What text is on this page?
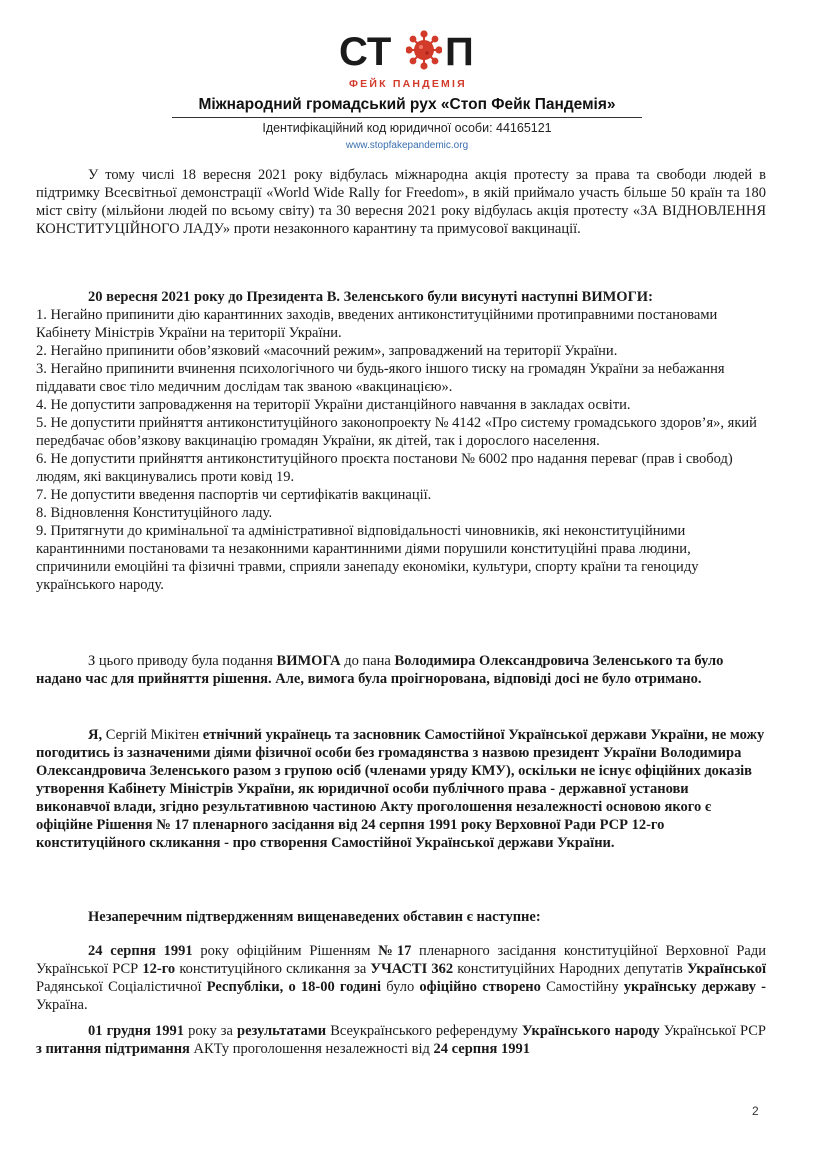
СТ П
ФЕЙК ПАНДЕМІЯ
Міжнародний громадський рух «Стоп Фейк Пандемія»
Ідентифікаційний код юридичної особи: 44165121
www.stopfakepandemic.org

У тому числі 18 вересня 2021 року відбулась міжнародна акція протесту за права та свободи людей в підтримку Всесвітньої демонстрації «World Wide Rally for Freedom», в якій приймало участь більше 50 країн та 180 міст світу (мільйони людей по всьому світу) та 30 вересня 2021 року відбулась акція протесту «ЗА ВІДНОВЛЕННЯ КОНСТИТУЦІЙНОГО ЛАДУ» проти незаконного карантину та примусової вакцинації.

20 вересня 2021 року до Президента В. Зеленського були висунуті наступні ВИМОГИ:

1. Негайно припинити дію карантинних заходів, введених антиконституційними протиправними постановами Кабінету Міністрів України на території України.

2. Негайно припинити обов’язковий «масочний режим», запроваджений на території України.

3. Негайно припинити вчинення психологічного чи будь-якого іншого тиску на громадян України за небажання піддавати своє тіло медичним дослідам так званою «вакцинацією».

4. Не допустити запровадження на території України дистанційного навчання в закладах освіти.

5. Не допустити прийняття антиконституційного законопроекту № 4142 «Про систему громадського здоров’я», який передбачає обов’язкову вакцинацію громадян України, як дітей, так і дорослого населення.

6. Не допустити прийняття антиконституційного проєкта постанови № 6002 про надання переваг (прав і свобод) людям, які вакцинувались проти ковід 19.

7. Не допустити введення паспортів чи сертифікатів вакцинації.

8. Відновлення Конституційного ладу.

9. Притягнути до кримінальної та адміністративної відповідальності чиновників, які неконституційними карантинними постановами та незаконними карантинними діями порушили конституційні права людини, спричинили емоційні та фізичні травми, сприяли занепаду економіки, культури, спорту країни та геноциду українського народу.

З цього приводу була подання ВИМОГА до пана Володимира Олександровича Зеленського та було надано час для прийняття рішення. Але, вимога була проігнорована, відповіді досі не було отримано.

Я, Сергій Мікітен етнічний українець та засновник Самостійної Української держави України, не можу погодитись із зазначеними діями фізичної особи без громадянства з назвою президент України Володимира Олександровича Зеленського разом з групою осіб (членами уряду КМУ), оскільки не існує офіційних доказів утворення Кабінету Міністрів України, як юридичної особи публічного права - державної установи виконавчої влади, згідно результативною частиною Акту проголошення незалежності основою якого є офіційне Рішення № 17 пленарного засідання від 24 серпня 1991 року Верховної Ради РСР 12-го конституційного скликання - про створення Самостійної Української держави України.

Незаперечним підтвердженням вищенаведених обставин є наступне:

24 серпня 1991 року офіційним Рішенням №17 пленарного засідання конституційної Верховної Ради Української РСР 12-го конституційного скликання за УЧАСТІ 362 конституційних Народних депутатів Української Радянської Соціалістичної Республіки, о 18-00 годині було офіційно створено Самостійну українську державу - Україна.

01 грудня 1991 року за результатами Всеукраїнського референдуму Українського народу Української РСР з питання підтримання АКТу проголошення незалежності від 24 серпня 1991

2
